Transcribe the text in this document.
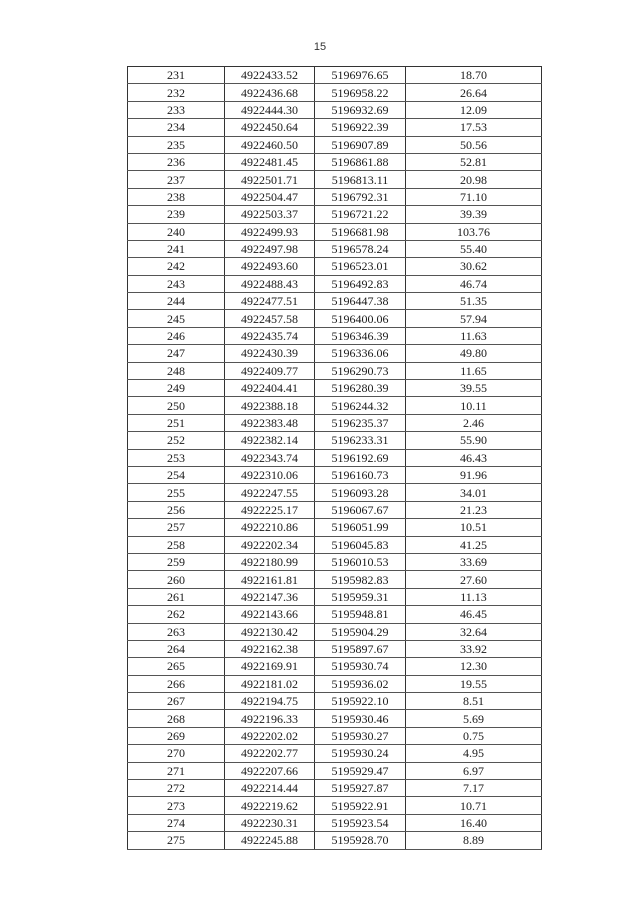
15
231	4922433.52	5196976.65	18.70
232	4922436.68	5196958.22	26.64
233	4922444.30	5196932.69	12.09
234	4922450.64	5196922.39	17.53
235	4922460.50	5196907.89	50.56
236	4922481.45	5196861.88	52.81
237	4922501.71	5196813.11	20.98
238	4922504.47	5196792.31	71.10
239	4922503.37	5196721.22	39.39
240	4922499.93	5196681.98	103.76
241	4922497.98	5196578.24	55.40
242	4922493.60	5196523.01	30.62
243	4922488.43	5196492.83	46.74
244	4922477.51	5196447.38	51.35
245	4922457.58	5196400.06	57.94
246	4922435.74	5196346.39	11.63
247	4922430.39	5196336.06	49.80
248	4922409.77	5196290.73	11.65
249	4922404.41	5196280.39	39.55
250	4922388.18	5196244.32	10.11
251	4922383.48	5196235.37	2.46
252	4922382.14	5196233.31	55.90
253	4922343.74	5196192.69	46.43
254	4922310.06	5196160.73	91.96
255	4922247.55	5196093.28	34.01
256	4922225.17	5196067.67	21.23
257	4922210.86	5196051.99	10.51
258	4922202.34	5196045.83	41.25
259	4922180.99	5196010.53	33.69
260	4922161.81	5195982.83	27.60
261	4922147.36	5195959.31	11.13
262	4922143.66	5195948.81	46.45
263	4922130.42	5195904.29	32.64
264	4922162.38	5195897.67	33.92
265	4922169.91	5195930.74	12.30
266	4922181.02	5195936.02	19.55
267	4922194.75	5195922.10	8.51
268	4922196.33	5195930.46	5.69
269	4922202.02	5195930.27	0.75
270	4922202.77	5195930.24	4.95
271	4922207.66	5195929.47	6.97
272	4922214.44	5195927.87	7.17
273	4922219.62	5195922.91	10.71
274	4922230.31	5195923.54	16.40
275	4922245.88	5195928.70	8.89
